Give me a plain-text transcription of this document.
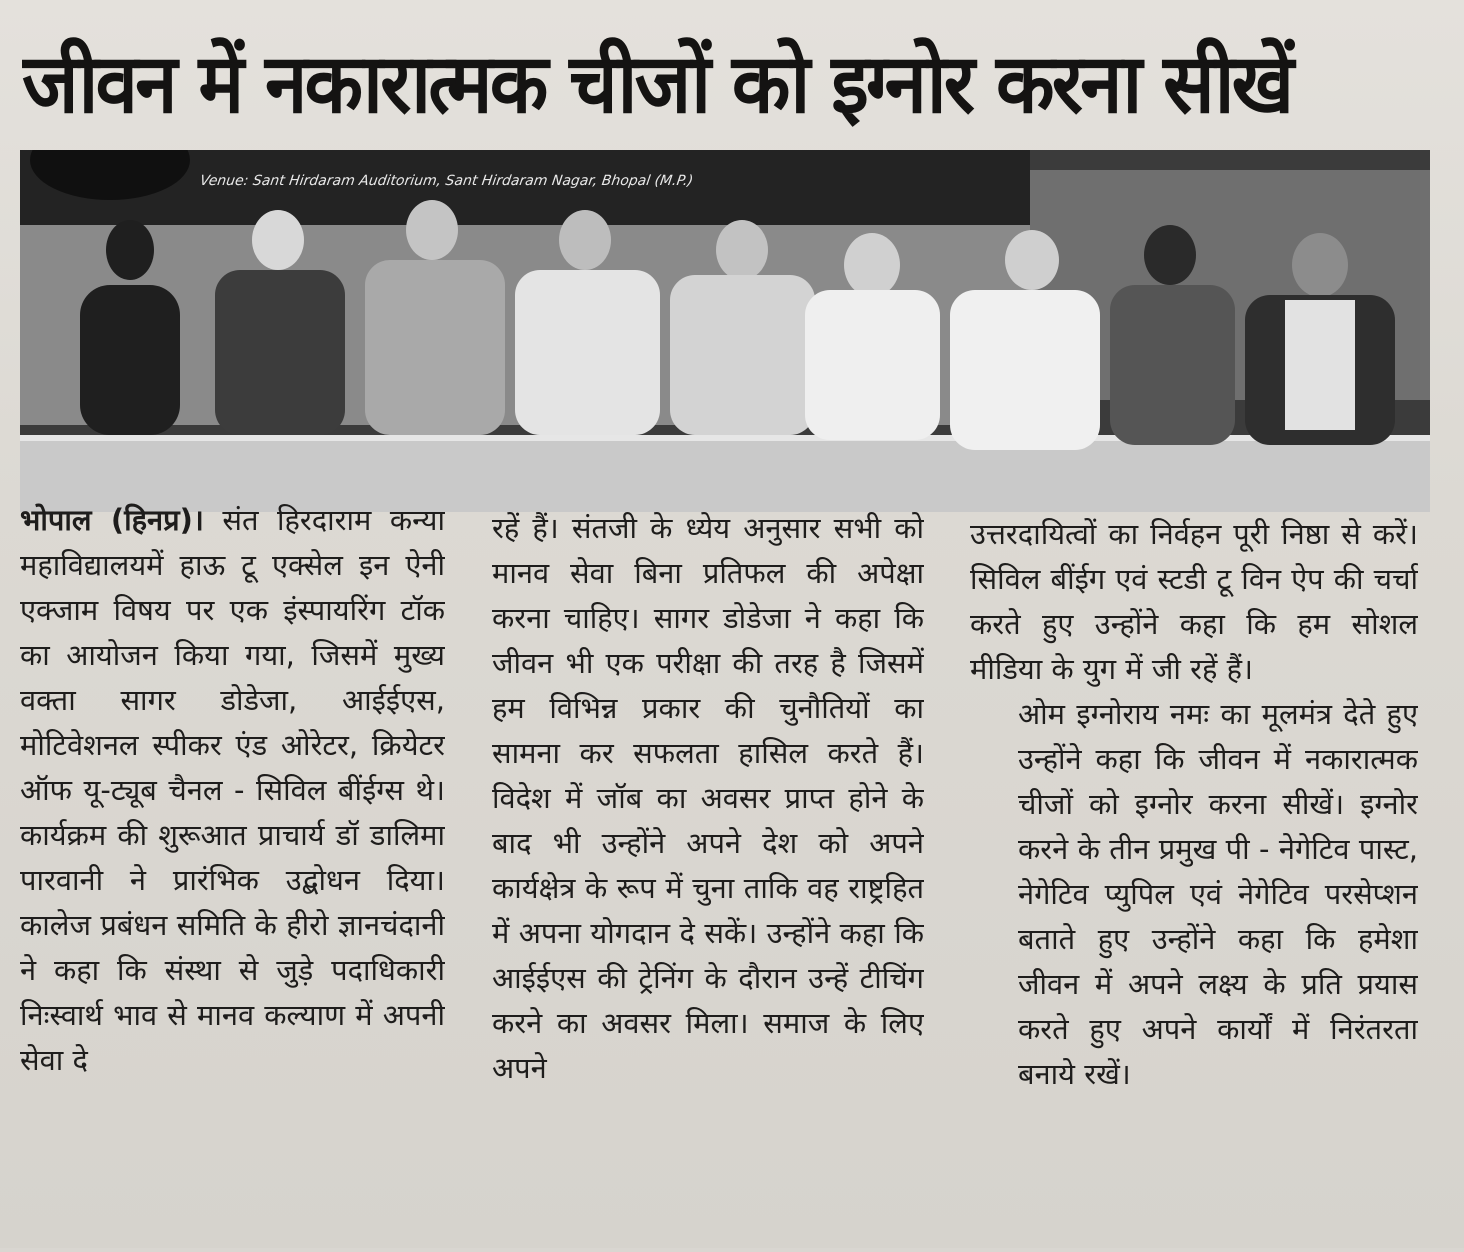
जीवन में नकारात्मक चीजों को इग्नोर करना सीखें
Venue: Sant Hirdaram Auditorium, Sant Hirdaram Nagar, Bhopal (M.P.)

भोपाल (हिनप्र)। संत हिरदाराम कन्या महाविद्यालयमें हाऊ टू एक्सेल इन ऐनी एक्जाम विषय पर एक इंस्पायरिंग टॉक का आयोजन किया गया, जिसमें मुख्य वक्ता सागर डोडेजा, आईईएस, मोटिवेशनल स्पीकर एंड ओरेटर, क्रियेटर ऑफ यू-ट्यूब चैनल - सिविल बींईग्स थे। कार्यक्रम की शुरूआत प्राचार्य डॉ डालिमा पारवानी ने प्रारंभिक उद्बोधन दिया। कालेज प्रबंधन समिति के हीरो ज्ञानचंदानी ने कहा कि संस्था से जुड़े पदाधिकारी निःस्वार्थ भाव से मानव कल्याण में अपनी सेवा दे

रहें हैं। संतजी के ध्येय अनुसार सभी को मानव सेवा बिना प्रतिफल की अपेक्षा करना चाहिए। सागर डोडेजा ने कहा कि जीवन भी एक परीक्षा की तरह है जिसमें हम विभिन्न प्रकार की चुनौतियों का सामना कर सफलता हासिल करते हैं। विदेश में जॉब का अवसर प्राप्त होने के बाद भी उन्होंने अपने देश को अपने कार्यक्षेत्र के रूप में चुना ताकि वह राष्ट्रहित में अपना योगदान दे सकें। उन्होंने कहा कि आईईएस की ट्रेनिंग के दौरान उन्हें टीचिंग करने का अवसर मिला। समाज के लिए अपने

उत्तरदायित्वों का निर्वहन पूरी निष्ठा से करें। सिविल बींईग एवं स्टडी टू विन ऐप की चर्चा करते हुए उन्होंने कहा कि हम सोशल मीडिया के युग में जी रहें हैं।

ओम इग्नोराय नमः का मूलमंत्र देते हुए उन्होंने कहा कि जीवन में नकारात्मक चीजों को इग्नोर करना सीखें। इग्नोर करने के तीन प्रमुख पी - नेगेटिव पास्ट, नेगेटिव प्युपिल एवं नेगेटिव परसेप्शन बताते हुए उन्होंने कहा कि हमेशा जीवन में अपने लक्ष्य के प्रति प्रयास करते हुए अपने कार्यों में निरंतरता बनाये रखें।
